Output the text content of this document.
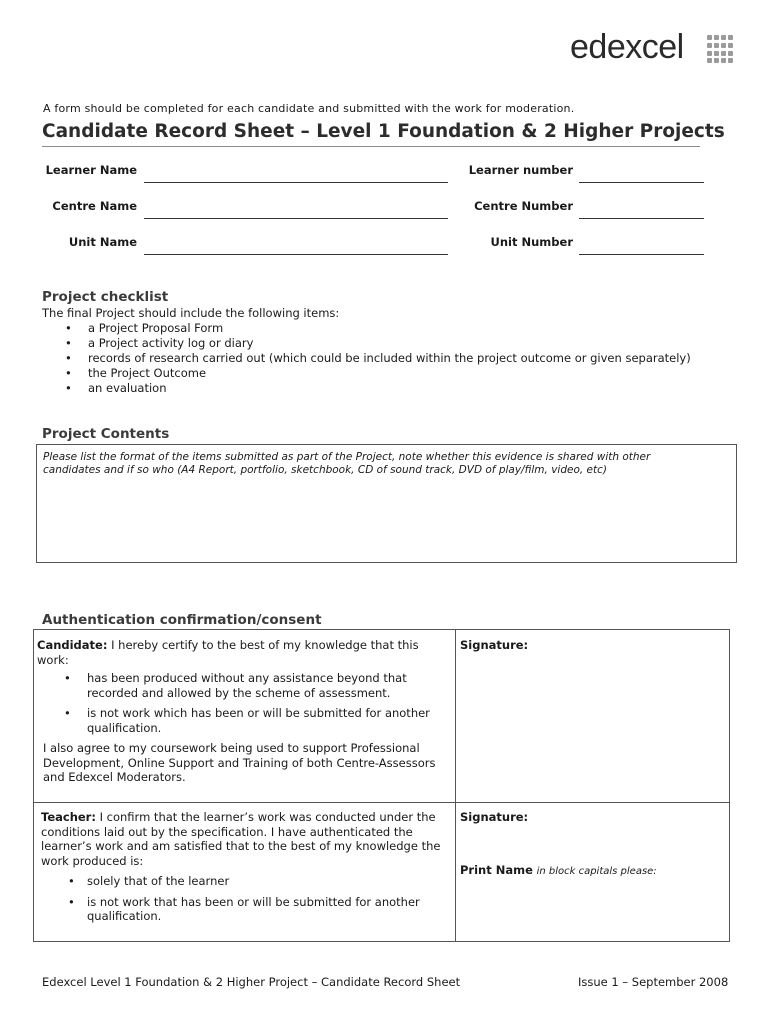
edexcel
A form should be completed for each candidate and submitted with the work for moderation.
Candidate Record Sheet – Level 1 Foundation & 2 Higher Projects
Learner Name	Learner number
Centre Name	Centre Number
Unit Name	Unit Number
Project checklist
The final Project should include the following items:
• a Project Proposal Form
• a Project activity log or diary
• records of research carried out (which could be included within the project outcome or given separately)
• the Project Outcome
• an evaluation
Project Contents
Please list the format of the items submitted as part of the Project, note whether this evidence is shared with other candidates and if so who (A4 Report, portfolio, sketchbook, CD of sound track, DVD of play/film, video, etc)
Authentication confirmation/consent
Candidate: I hereby certify to the best of my knowledge that this work:
• has been produced without any assistance beyond that recorded and allowed by the scheme of assessment.
• is not work which has been or will be submitted for another qualification.
I also agree to my coursework being used to support Professional Development, Online Support and Training of both Centre-Assessors and Edexcel Moderators.
Signature:
Teacher: I confirm that the learner’s work was conducted under the conditions laid out by the specification. I have authenticated the learner’s work and am satisfied that to the best of my knowledge the work produced is:
• solely that of the learner
• is not work that has been or will be submitted for another qualification.
Signature:
Print Name in block capitals please:
Edexcel Level 1 Foundation & 2 Higher Project – Candidate Record Sheet	Issue 1 – September 2008
